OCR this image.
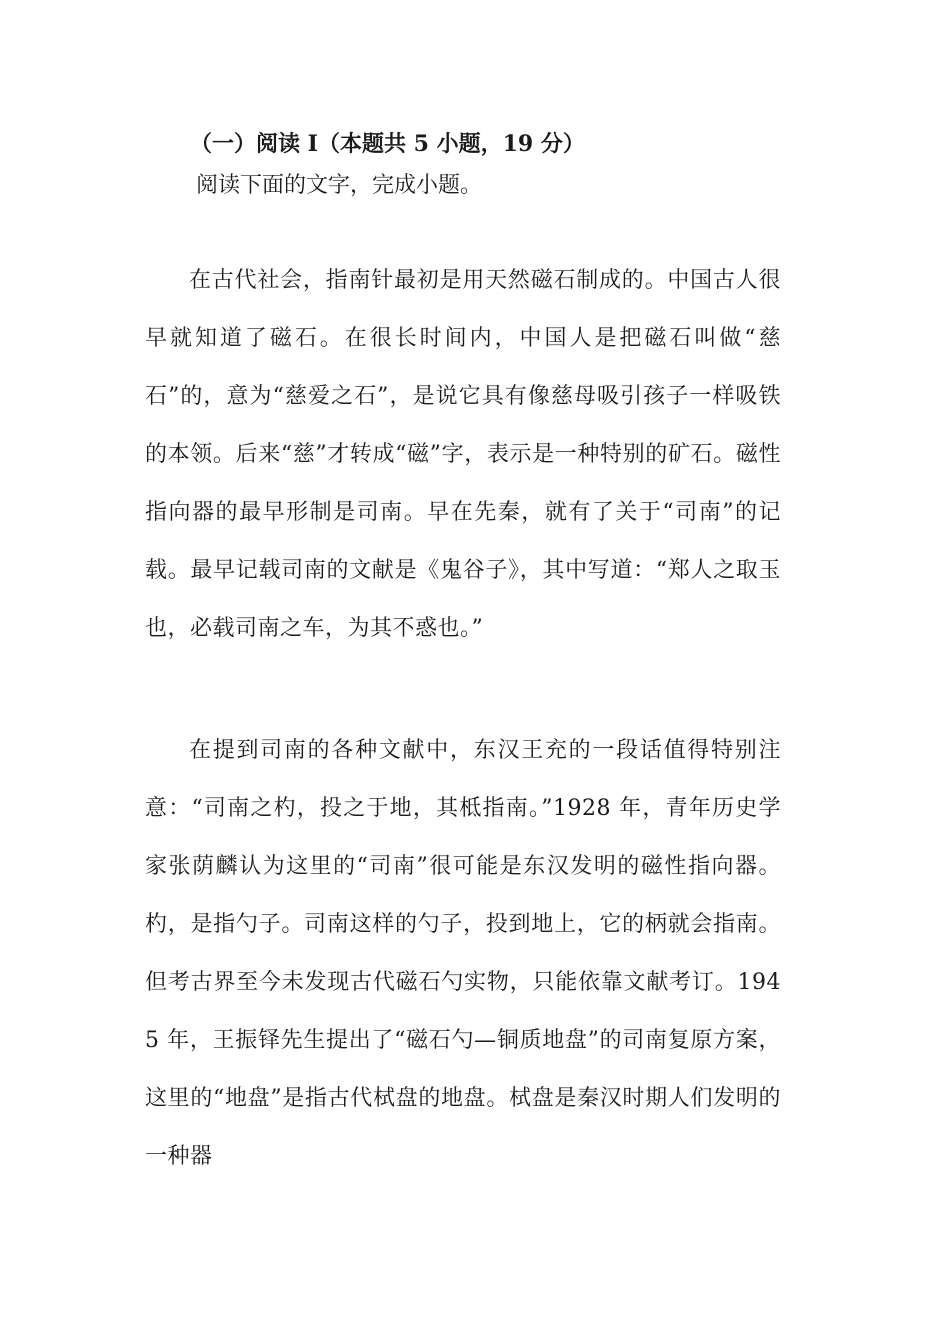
（一）阅读 I（本题共 5 小题，19 分）
阅读下面的文字，完成小题。

在古代社会，指南针最初是用天然磁石制成的。中国古人很早就知道了磁石。在很长时间内，中国人是把磁石叫做“慈石”的，意为“慈爱之石”，是说它具有像慈母吸引孩子一样吸铁的本领。后来“慈”才转成“磁”字，表示是一种特别的矿石。磁性指向器的最早形制是司南。早在先秦，就有了关于“司南”的记载。最早记载司南的文献是《鬼谷子》，其中写道：“郑人之取玉也，必载司南之车，为其不惑也。”

在提到司南的各种文献中，东汉王充的一段话值得特别注意：“司南之杓，投之于地，其柢指南。”1928 年，青年历史学家张荫麟认为这里的“司南”很可能是东汉发明的磁性指向器。杓，是指勺子。司南这样的勺子，投到地上，它的柄就会指南。但考古界至今未发现古代磁石勺实物，只能依靠文献考订。1945 年，王振铎先生提出了“磁石勺—铜质地盘”的司南复原方案，这里的“地盘”是指古代栻盘的地盘。栻盘是秦汉时期人们发明的一种器
